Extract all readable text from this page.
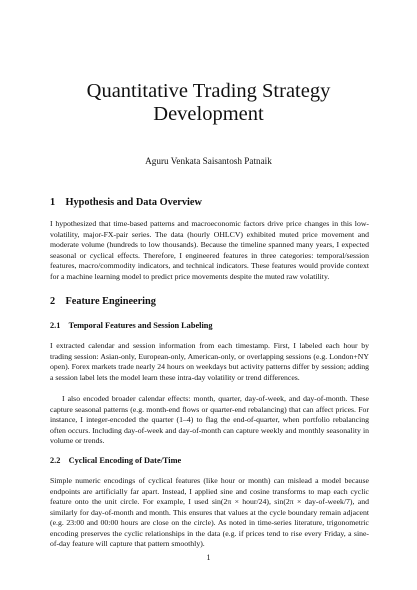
Quantitative Trading Strategy
Development
Aguru Venkata Saisantosh Patnaik
1 Hypothesis and Data Overview

I hypothesized that time-based patterns and macroeconomic factors drive price changes in this low-volatility, major-FX-pair series. The data (hourly OHLCV) exhibited muted price movement and moderate volume (hundreds to low thousands). Because the timeline spanned many years, I expected seasonal or cyclical effects. Therefore, I engineered features in three categories: temporal/session features, macro/commodity indicators, and technical indicators. These features would provide context for a machine learning model to predict price movements despite the muted raw volatility.

2 Feature Engineering
2.1 Temporal Features and Session Labeling

I extracted calendar and session information from each timestamp. First, I labeled each hour by trading session: Asian-only, European-only, American-only, or overlapping sessions (e.g. London+NY open). Forex markets trade nearly 24 hours on weekdays but activity patterns differ by session; adding a session label lets the model learn these intra-day volatility or trend differences.

I also encoded broader calendar effects: month, quarter, day-of-week, and day-of-month. These capture seasonal patterns (e.g. month-end flows or quarter-end rebalancing) that can affect prices. For instance, I integer-encoded the quarter (1–4) to flag the end-of-quarter, when portfolio rebalancing often occurs. Including day-of-week and day-of-month can capture weekly and monthly seasonality in volume or trends.

2.2 Cyclical Encoding of Date/Time

Simple numeric encodings of cyclical features (like hour or month) can mislead a model because endpoints are artificially far apart. Instead, I applied sine and cosine transforms to map each cyclic feature onto the unit circle. For example, I used sin(2π × hour/24), sin(2π × day-of-week/7), and similarly for day-of-month and month. This ensures that values at the cycle boundary remain adjacent (e.g. 23:00 and 00:00 hours are close on the circle). As noted in time-series literature, trigonometric encoding preserves the cyclic relationships in the data (e.g. if prices tend to rise every Friday, a sine-of-day feature will capture that pattern smoothly).

1
